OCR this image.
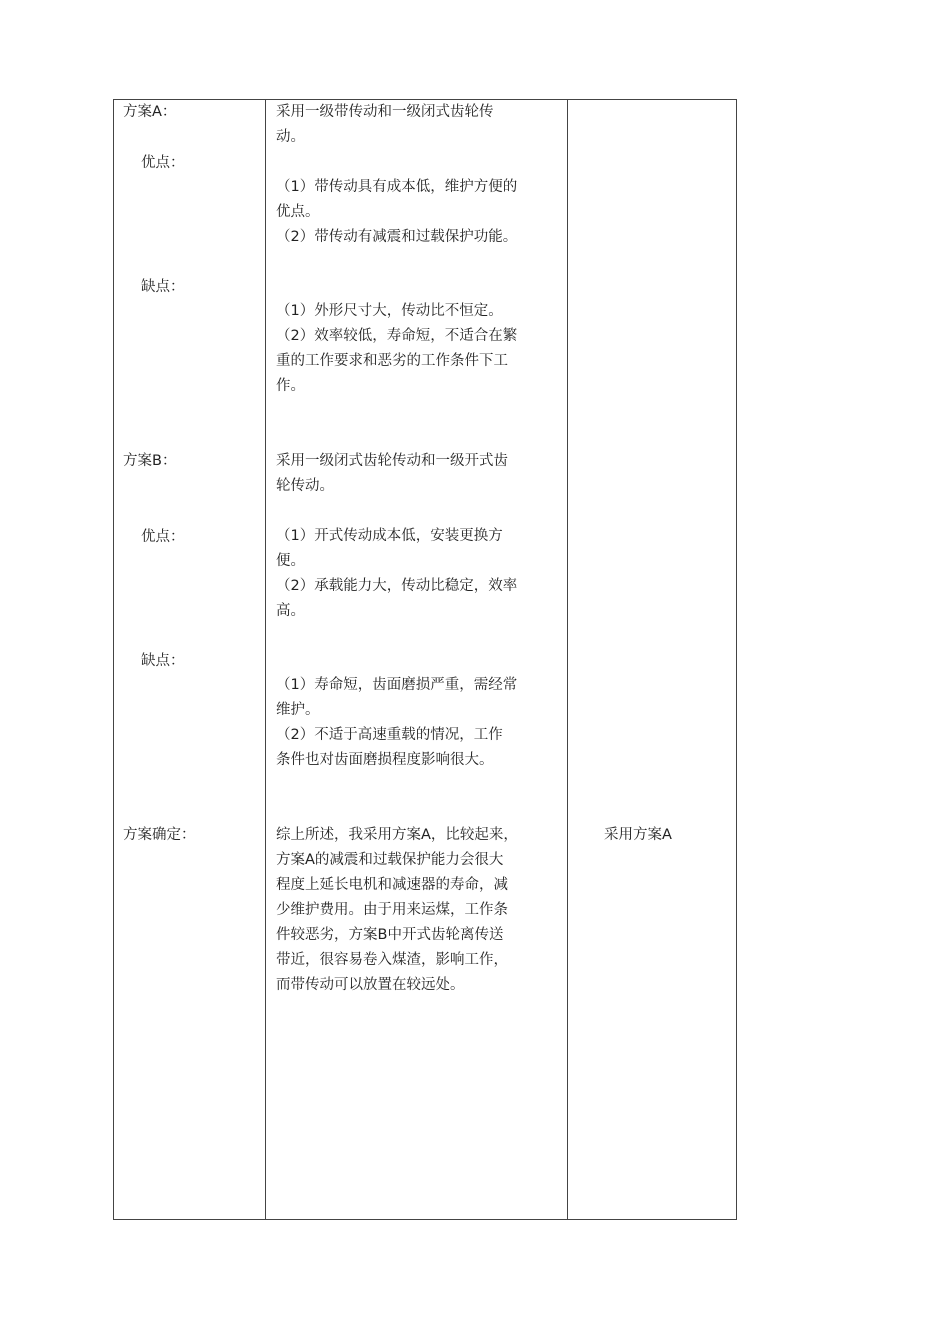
方案A：
优点：
缺点：
方案B：
优点：
缺点：
方案确定：
采用一级带传动和一级闭式齿轮传
动。
（1）带传动具有成本低，维护方便的
优点。
（2）带传动有减震和过载保护功能。
（1）外形尺寸大，传动比不恒定。
（2）效率较低，寿命短，不适合在繁
重的工作要求和恶劣的工作条件下工
作。
采用一级闭式齿轮传动和一级开式齿
轮传动。
（1）开式传动成本低，安装更换方
便。
（2）承载能力大，传动比稳定，效率
高。
（1）寿命短，齿面磨损严重，需经常
维护。
（2）不适于高速重载的情况，工作
条件也对齿面磨损程度影响很大。
综上所述，我采用方案A，比较起来，
方案A的减震和过载保护能力会很大
程度上延长电机和减速器的寿命，减
少维护费用。由于用来运煤，工作条
件较恶劣，方案B中开式齿轮离传送
带近，很容易卷入煤渣，影响工作，
而带传动可以放置在较远处。
采用方案A
